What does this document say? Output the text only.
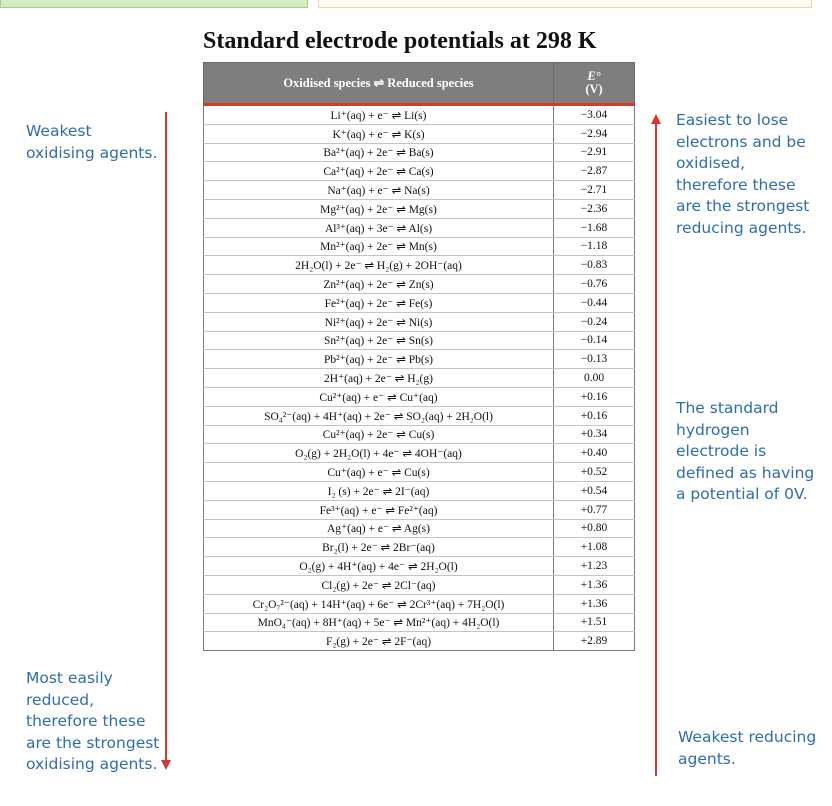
Standard electrode potentials at 298 K
Oxidised species ⇌ Reduced species	E°
(V)

Li⁺(aq) + e⁻ ⇌ Li(s)	−3.04
K⁺(aq) + e⁻ ⇌ K(s)	−2.94
Ba²⁺(aq) + 2e⁻ ⇌ Ba(s)	−2.91
Ca²⁺(aq) + 2e⁻ ⇌ Ca(s)	−2.87
Na⁺(aq) + e⁻ ⇌ Na(s)	−2.71
Mg²⁺(aq) + 2e⁻ ⇌ Mg(s)	−2.36
Al³⁺(aq) + 3e⁻ ⇌ Al(s)	−1.68
Mn²⁺(aq) + 2e⁻ ⇌ Mn(s)	−1.18
2H₂O(l) + 2e⁻ ⇌ H₂(g) + 2OH⁻(aq)	−0.83
Zn²⁺(aq) + 2e⁻ ⇌ Zn(s)	−0.76
Fe²⁺(aq) + 2e⁻ ⇌ Fe(s)	−0.44
Ni²⁺(aq) + 2e⁻ ⇌ Ni(s)	−0.24
Sn²⁺(aq) + 2e⁻ ⇌ Sn(s)	−0.14
Pb²⁺(aq) + 2e⁻ ⇌ Pb(s)	−0.13
2H⁺(aq) + 2e⁻ ⇌ H₂(g)	0.00
Cu²⁺(aq) + e⁻ ⇌ Cu⁺(aq)	+0.16
SO₄²⁻(aq) + 4H⁺(aq) + 2e⁻ ⇌ SO₂(aq) + 2H₂O(l)	+0.16
Cu²⁺(aq) + 2e⁻ ⇌ Cu(s)	+0.34
O₂(g) + 2H₂O(l) + 4e⁻ ⇌ 4OH⁻(aq)	+0.40
Cu⁺(aq) + e⁻ ⇌ Cu(s)	+0.52
I₂ (s) + 2e⁻ ⇌ 2I⁻(aq)	+0.54
Fe³⁺(aq) + e⁻ ⇌ Fe²⁺(aq)	+0.77
Ag⁺(aq) + e⁻ ⇌ Ag(s)	+0.80
Br₂(l) + 2e⁻ ⇌ 2Br⁻(aq)	+1.08
O₂(g) + 4H⁺(aq) + 4e⁻ ⇌ 2H₂O(l)	+1.23
Cl₂(g) + 2e⁻ ⇌ 2Cl⁻(aq)	+1.36
Cr₂O₇²⁻(aq) + 14H⁺(aq) + 6e⁻ ⇌ 2Cr³⁺(aq) + 7H₂O(l)	+1.36
MnO₄⁻(aq) + 8H⁺(aq) + 5e⁻ ⇌ Mn²⁺(aq) + 4H₂O(l)	+1.51
F₂(g) + 2e⁻ ⇌ 2F⁻(aq)	+2.89
Weakest oxidising agents.
Most easily reduced, therefore these are the strongest oxidising agents.
Easiest to lose electrons and be oxidised, therefore these are the strongest reducing agents.
The standard hydrogen electrode is defined as having a potential of 0V.
Weakest reducing agents.
